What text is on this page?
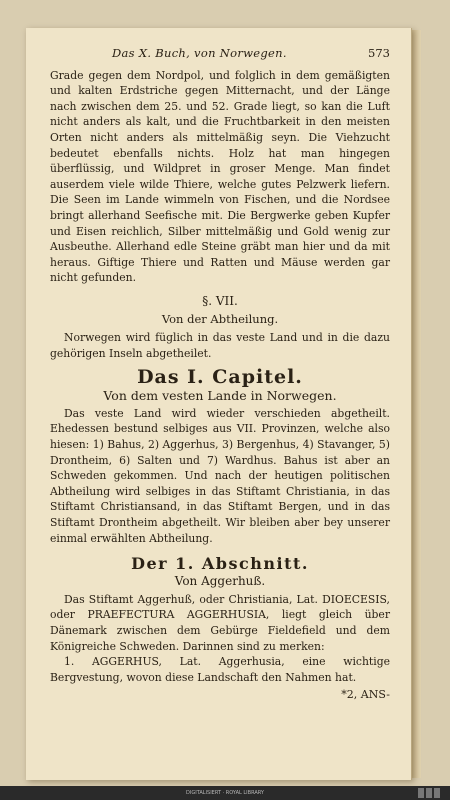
Das X. Buch, von Norwegen.	573

Grade gegen dem Nordpol, und folglich in dem gemäßigten und kalten Erdstriche gegen Mitternacht, und der Länge nach zwischen dem 25. und 52. Grade liegt, so kan die Luft nicht anders als kalt, und die Fruchtbarkeit in den meisten Orten nicht anders als mittelmäßig seyn. Die Viehzucht bedeutet ebenfalls nichts. Holz hat man hingegen überflüssig, und Wildpret in groser Menge. Man findet auserdem viele wilde Thiere, welche gutes Pelzwerk liefern. Die Seen im Lande wimmeln von Fischen, und die Nordsee bringt allerhand Seefische mit. Die Bergwerke geben Kupfer und Eisen reichlich, Silber mittelmäßig und Gold wenig zur Ausbeuthe. Allerhand edle Steine gräbt man hier und da mit heraus. Giftige Thiere und Ratten und Mäuse werden gar nicht gefunden.

§. VII.
Von der Abtheilung.

Norwegen wird füglich in das veste Land und in die dazu gehörigen Inseln abgetheilet.

Das I. Capitel.
Von dem vesten Lande in Norwegen.

Das veste Land wird wieder verschieden abgetheilt. Ehedessen bestund selbiges aus VII. Provinzen, welche also hiesen: 1) Bahus, 2) Aggerhus, 3) Bergenhus, 4) Stavanger, 5) Drontheim, 6) Salten und 7) Wardhus. Bahus ist aber an Schweden gekommen. Und nach der heutigen politischen Abtheilung wird selbiges in das Stiftamt Christiania, in das Stiftamt Christiansand, in das Stiftamt Bergen, und in das Stiftamt Drontheim abgetheilt. Wir bleiben aber bey unserer einmal erwählten Abtheilung.

Der 1. Abschnitt.
Von Aggerhuß.

Das Stiftamt Aggerhuß, oder Christiania, Lat. DIOECESIS, oder PRAEFECTURA AGGERHUSIA, liegt gleich über Dänemark zwischen dem Gebürge Fieldefield und dem Königreiche Schweden. Darinnen sind zu merken:

1. AGGERHUS, Lat. Aggerhusia, eine wichtige Bergvestung, wovon diese Landschaft den Nahmen hat.

*2, ANS-
DIGITALISIERT · ROYAL LIBRARY
